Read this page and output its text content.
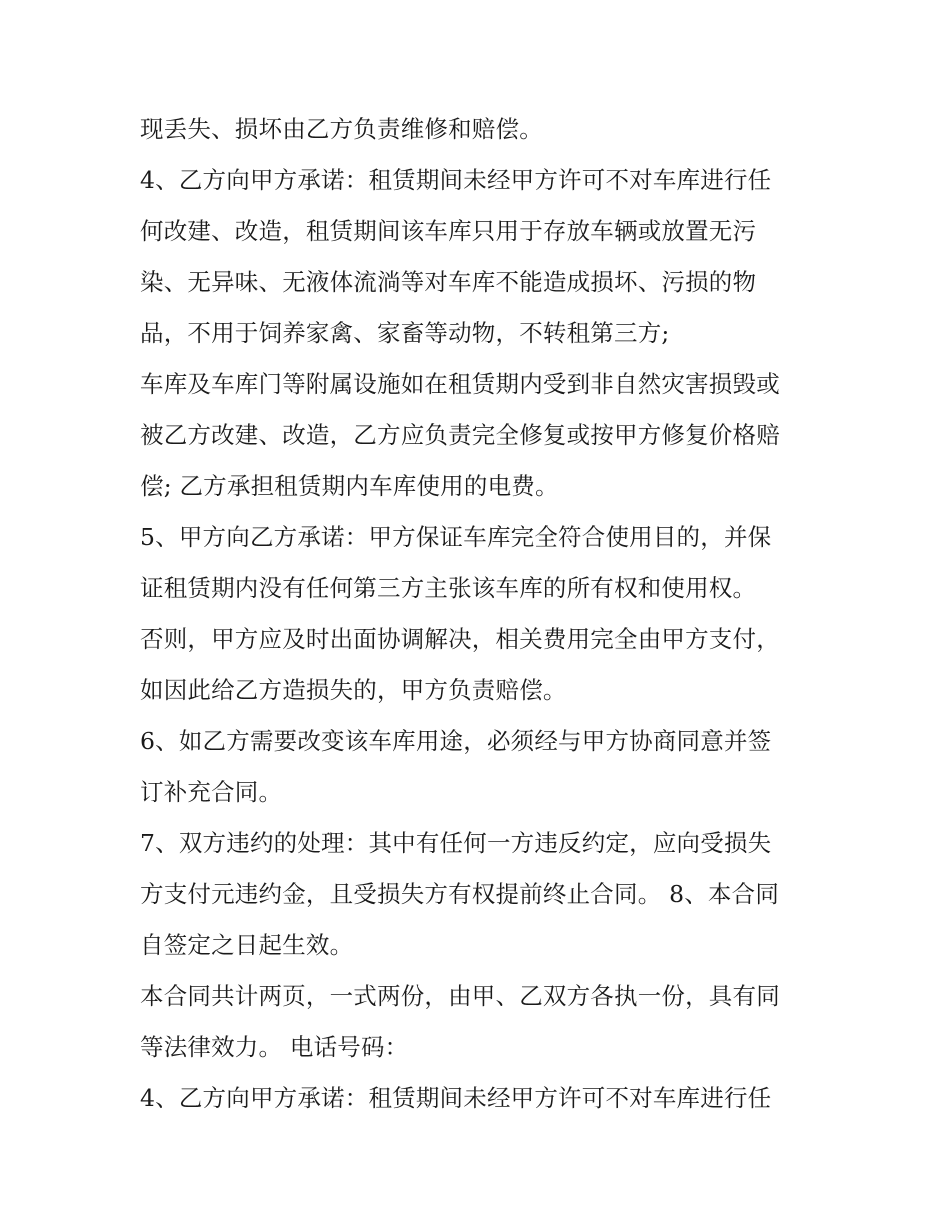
现丢失、损坏由乙方负责维修和赔偿。
4、乙方向甲方承诺：租赁期间未经甲方许可不对车库进行任
何改建、改造，租赁期间该车库只用于存放车辆或放置无污
染、无异味、无液体流淌等对车库不能造成损坏、污损的物
品，不用于饲养家禽、家畜等动物，不转租第三方;
车库及车库门等附属设施如在租赁期内受到非自然灾害损毁或
被乙方改建、改造，乙方应负责完全修复或按甲方修复价格赔
偿; 乙方承担租赁期内车库使用的电费。
5、甲方向乙方承诺：甲方保证车库完全符合使用目的，并保
证租赁期内没有任何第三方主张该车库的所有权和使用权。
否则，甲方应及时出面协调解决，相关费用完全由甲方支付，
如因此给乙方造损失的，甲方负责赔偿。
6、如乙方需要改变该车库用途，必须经与甲方协商同意并签
订补充合同。
7、双方违约的处理：其中有任何一方违反约定，应向受损失
方支付元违约金，且受损失方有权提前终止合同。 8、本合同
自签定之日起生效。
本合同共计两页，一式两份，由甲、乙双方各执一份，具有同
等法律效力。 电话号码：
4、乙方向甲方承诺：租赁期间未经甲方许可不对车库进行任
